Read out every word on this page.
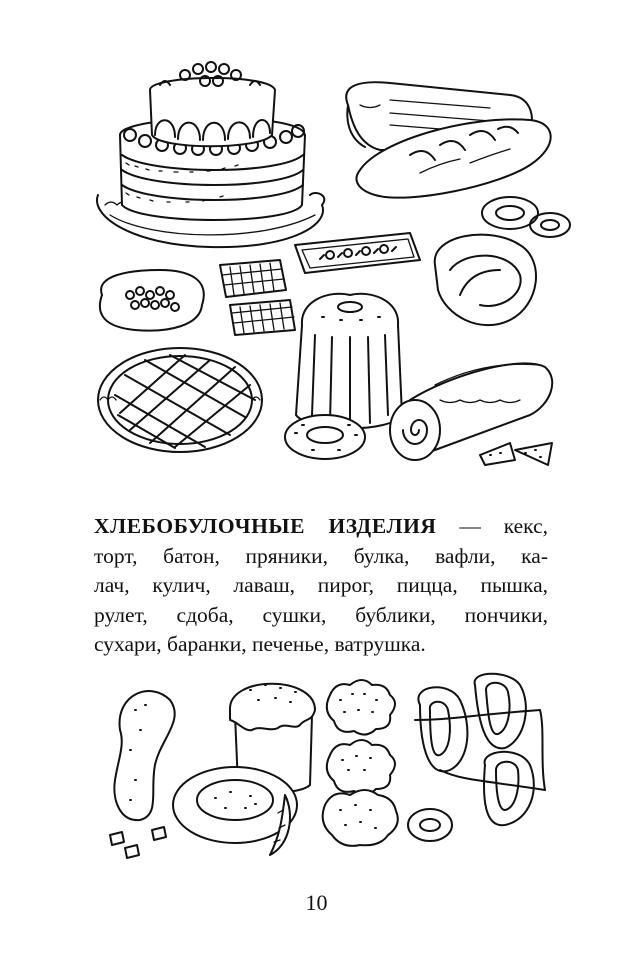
ХЛЕБОБУЛОЧНЫЕ ИЗДЕЛИЯ — кекс,
торт, батон, пряники, булка, вафли, ка-
лач, кулич, лаваш, пирог, пицца, пышка,
рулет, сдоба, сушки, бублики, пончики,
сухари, баранки, печенье, ватрушка.
10
